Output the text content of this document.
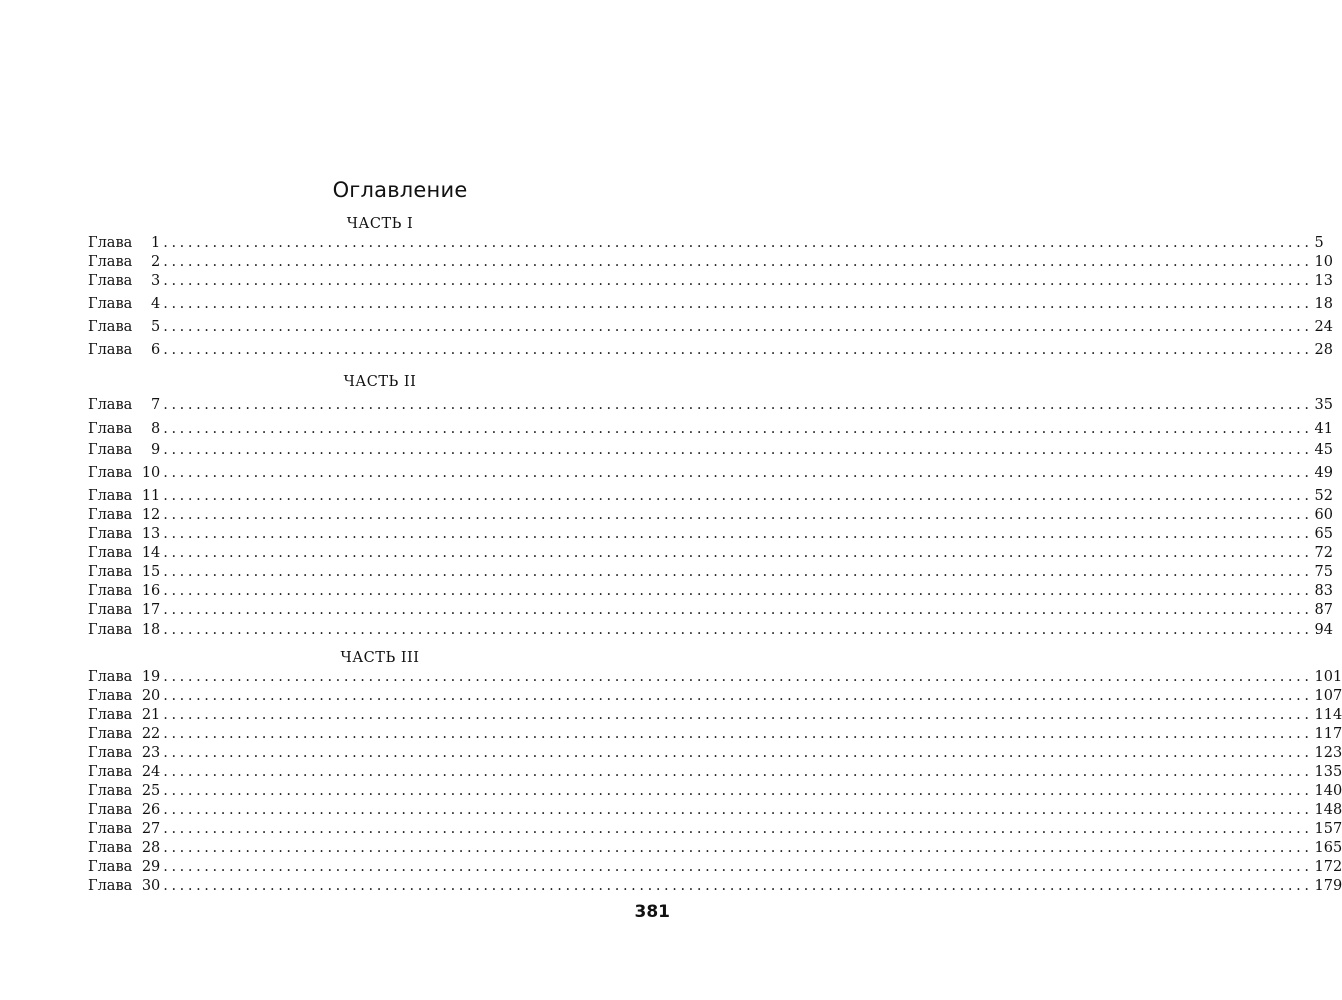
Оглавление
ЧАСТЬ I
ЧАСТЬ II
ЧАСТЬ III
Глава	1 ............................................................................................................................................ 5
Глава	2 ............................................................................................................................................ 10
Глава	3 ............................................................................................................................................ 13
Глава	4 ............................................................................................................................................ 18
Глава	5 ............................................................................................................................................ 24
Глава	6 ............................................................................................................................................ 28
Глава	7 ............................................................................................................................................ 35
Глава	8 ............................................................................................................................................ 41
Глава	9 ............................................................................................................................................ 45
Глава 10 ............................................................................................................................................ 49
Глава 11 ............................................................................................................................................ 52
Глава 12 ............................................................................................................................................ 60
Глава 13 ............................................................................................................................................ 65
Глава 14 ............................................................................................................................................ 72
Глава 15 ............................................................................................................................................ 75
Глава 16 ............................................................................................................................................ 83
Глава 17 ............................................................................................................................................ 87
Глава 18 ............................................................................................................................................ 94
Глава 19 ............................................................................................................................................ 101
Глава 20 ............................................................................................................................................ 107
Глава 21 ............................................................................................................................................ 114
Глава 22 ............................................................................................................................................ 117
Глава 23 ............................................................................................................................................ 123
Глава 24 ............................................................................................................................................ 135
Глава 25 ............................................................................................................................................ 140
Глава 26 ............................................................................................................................................ 148
Глава 27 ............................................................................................................................................ 157
Глава 28 ............................................................................................................................................ 165
Глава 29 ............................................................................................................................................ 172
Глава 30 ............................................................................................................................................ 179
381
